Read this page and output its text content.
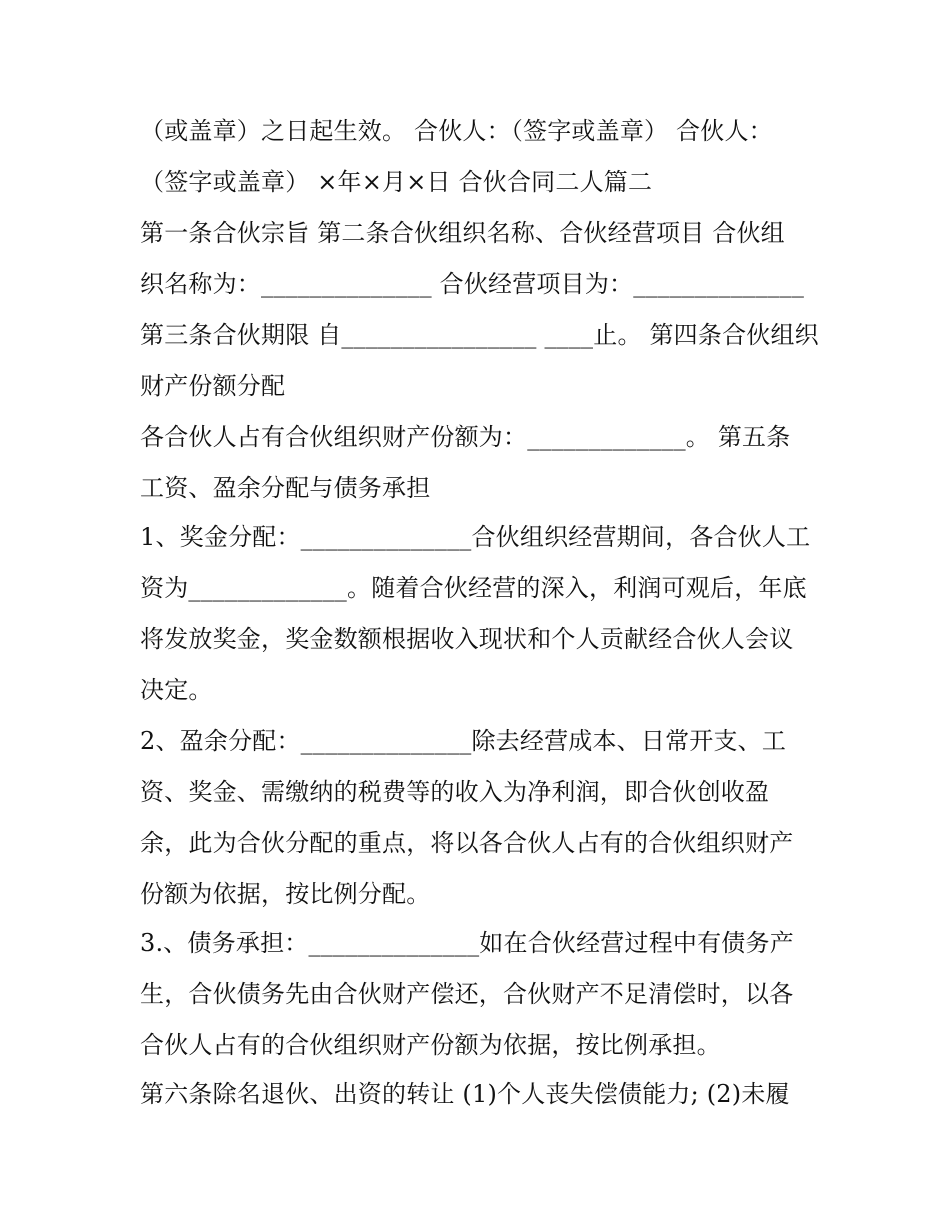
（或盖章）之日起生效。 合伙人：（签字或盖章） 合伙人：
（签字或盖章） ×年×月×日 合伙合同二人篇二
第一条合伙宗旨 第二条合伙组织名称、合伙经营项目 合伙组
织名称为：______________ 合伙经营项目为：______________
第三条合伙期限 自________________ ____止。 第四条合伙组织
财产份额分配
各合伙人占有合伙组织财产份额为：_____________。 第五条
工资、盈余分配与债务承担
1、奖金分配：______________合伙组织经营期间，各合伙人工
资为_____________。随着合伙经营的深入，利润可观后，年底
将发放奖金，奖金数额根据收入现状和个人贡献经合伙人会议
决定。
2、盈余分配：______________除去经营成本、日常开支、工
资、奖金、需缴纳的税费等的收入为净利润，即合伙创收盈
余，此为合伙分配的重点，将以各合伙人占有的合伙组织财产
份额为依据，按比例分配。
3.、债务承担：______________如在合伙经营过程中有债务产
生，合伙债务先由合伙财产偿还，合伙财产不足清偿时，以各
合伙人占有的合伙组织财产份额为依据，按比例承担。
第六条除名退伙、出资的转让 (1)个人丧失偿债能力; (2)未履
